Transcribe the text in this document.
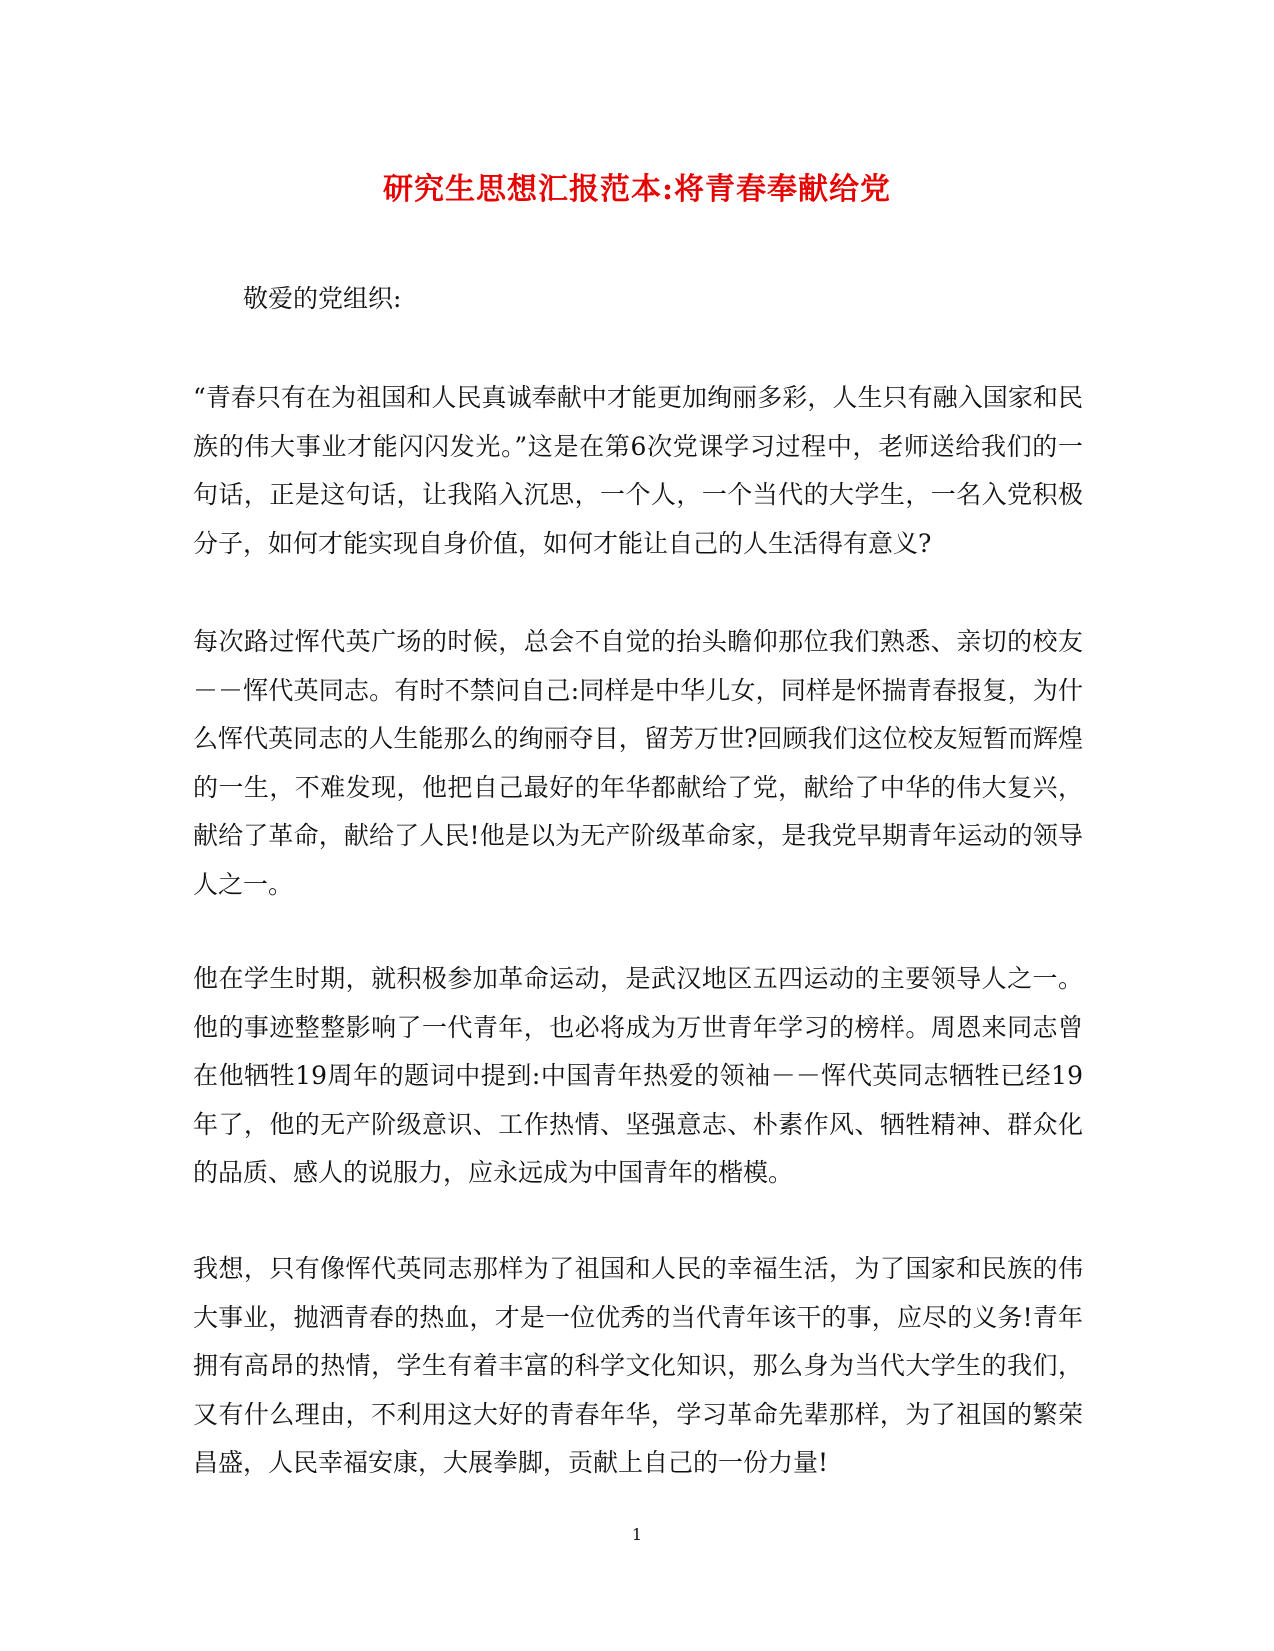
研究生思想汇报范本:将青春奉献给党
敬爱的党组织:

“青春只有在为祖国和人民真诚奉献中才能更加绚丽多彩，人生只有融入国家和民族的伟大事业才能闪闪发光。”这是在第6次党课学习过程中，老师送给我们的一句话，正是这句话，让我陷入沉思，一个人，一个当代的大学生，一名入党积极分子，如何才能实现自身价值，如何才能让自己的人生活得有意义?

每次路过恽代英广场的时候，总会不自觉的抬头瞻仰那位我们熟悉、亲切的校友－－恽代英同志。有时不禁问自己:同样是中华儿女，同样是怀揣青春报复，为什么恽代英同志的人生能那么的绚丽夺目，留芳万世?回顾我们这位校友短暂而辉煌的一生，不难发现，他把自己最好的年华都献给了党，献给了中华的伟大复兴，献给了革命，献给了人民!他是以为无产阶级革命家，是我党早期青年运动的领导人之一。

他在学生时期，就积极参加革命运动，是武汉地区五四运动的主要领导人之一。他的事迹整整影响了一代青年，也必将成为万世青年学习的榜样。周恩来同志曾在他牺牲19周年的题词中提到:中国青年热爱的领袖－－恽代英同志牺牲已经19年了，他的无产阶级意识、工作热情、坚强意志、朴素作风、牺牲精神、群众化的品质、感人的说服力，应永远成为中国青年的楷模。

我想，只有像恽代英同志那样为了祖国和人民的幸福生活，为了国家和民族的伟大事业，抛洒青春的热血，才是一位优秀的当代青年该干的事，应尽的义务!青年拥有高昂的热情，学生有着丰富的科学文化知识，那么身为当代大学生的我们，又有什么理由，不利用这大好的青春年华，学习革命先辈那样，为了祖国的繁荣昌盛，人民幸福安康，大展拳脚，贡献上自己的一份力量!

1
